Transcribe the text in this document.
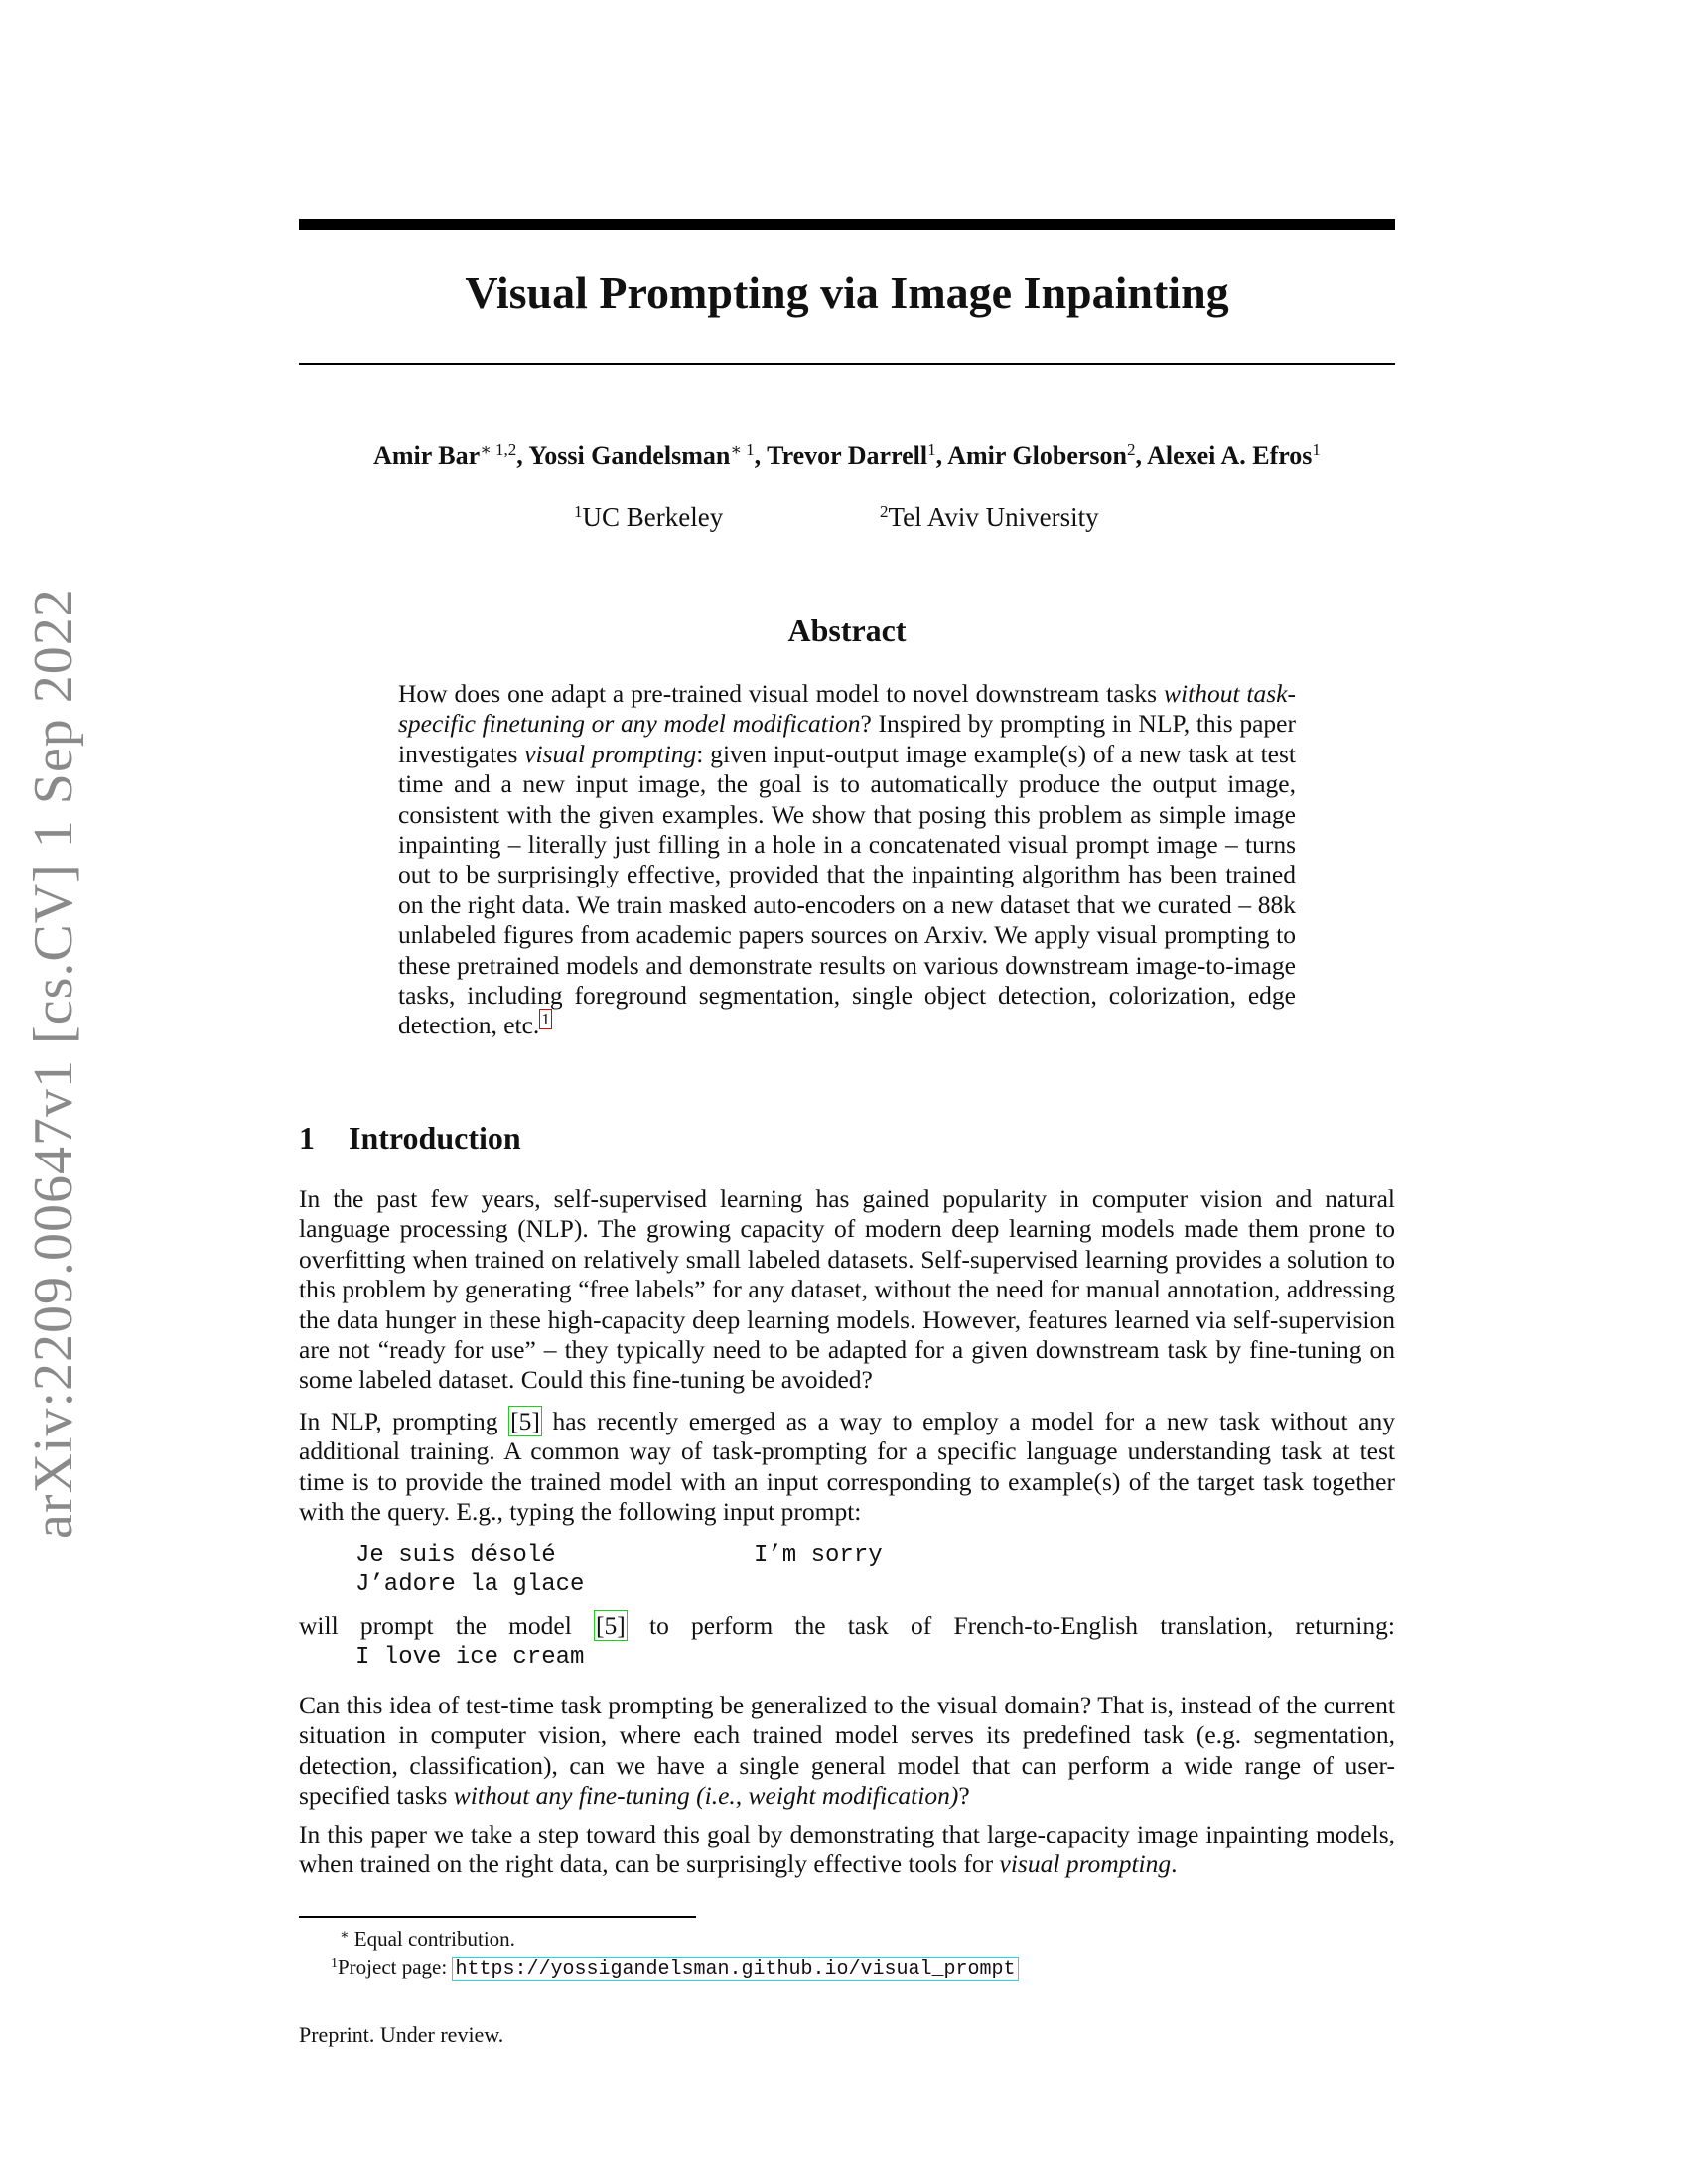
arXiv:2209.00647v1 [cs.CV] 1 Sep 2022
Visual Prompting via Image Inpainting
Amir Bar$^{∗ 1,2}$, Yossi Gandelsman$^{∗ 1}$, Trevor Darrell$^1$, Amir Globerson$^2$, Alexei A. Efros$^1$
$^1$UC Berkeley	$^2$Tel Aviv University
Abstract

How does one adapt a pre-trained visual model to novel downstream tasks without task-specific finetuning or any model modification? Inspired by prompting in NLP, this paper investigates visual prompting: given input-output image example(s) of a new task at test time and a new input image, the goal is to automatically produce the output image, consistent with the given examples. We show that posing this problem as simple image inpainting – literally just filling in a hole in a concatenated visual prompt image – turns out to be surprisingly effective, provided that the inpainting algorithm has been trained on the right data. We train masked auto-encoders on a new dataset that we curated – 88k unlabeled figures from academic papers sources on Arxiv. We apply visual prompting to these pretrained models and demonstrate results on various downstream image-to-image tasks, including foreground segmentation, single object detection, colorization, edge detection, etc. $^1$

1 Introduction

In the past few years, self-supervised learning has gained popularity in computer vision and natural language processing (NLP). The growing capacity of modern deep learning models made them prone to overfitting when trained on relatively small labeled datasets. Self-supervised learning provides a solution to this problem by generating “free labels” for any dataset, without the need for manual annotation, addressing the data hunger in these high-capacity deep learning models. However, features learned via self-supervision are not “ready for use” – they typically need to be adapted for a given downstream task by fine-tuning on some labeled dataset. Could this fine-tuning be avoided?

In NLP, prompting [5] has recently emerged as a way to employ a model for a new task without any additional training. A common way of task-prompting for a specific language understanding task at test time is to provide the trained model with an input corresponding to example(s) of the target task together with the query. E.g., typing the following input prompt:

Je suis désolé	I’m sorry
J’adore la glace

will prompt the model [5] to perform the task of French-to-English translation, returning:

I love ice cream

Can this idea of test-time task prompting be generalized to the visual domain? That is, instead of the current situation in computer vision, where each trained model serves its predefined task (e.g. segmentation, detection, classification), can we have a single general model that can perform a wide range of user-specified tasks without any fine-tuning (i.e., weight modification)?

In this paper we take a step toward this goal by demonstrating that large-capacity image inpainting models, when trained on the right data, can be surprisingly effective tools for visual prompting.

∗ Equal contribution.
$^1$Project page: https://yossigandelsman.github.io/visual_prompt
Preprint. Under review.
